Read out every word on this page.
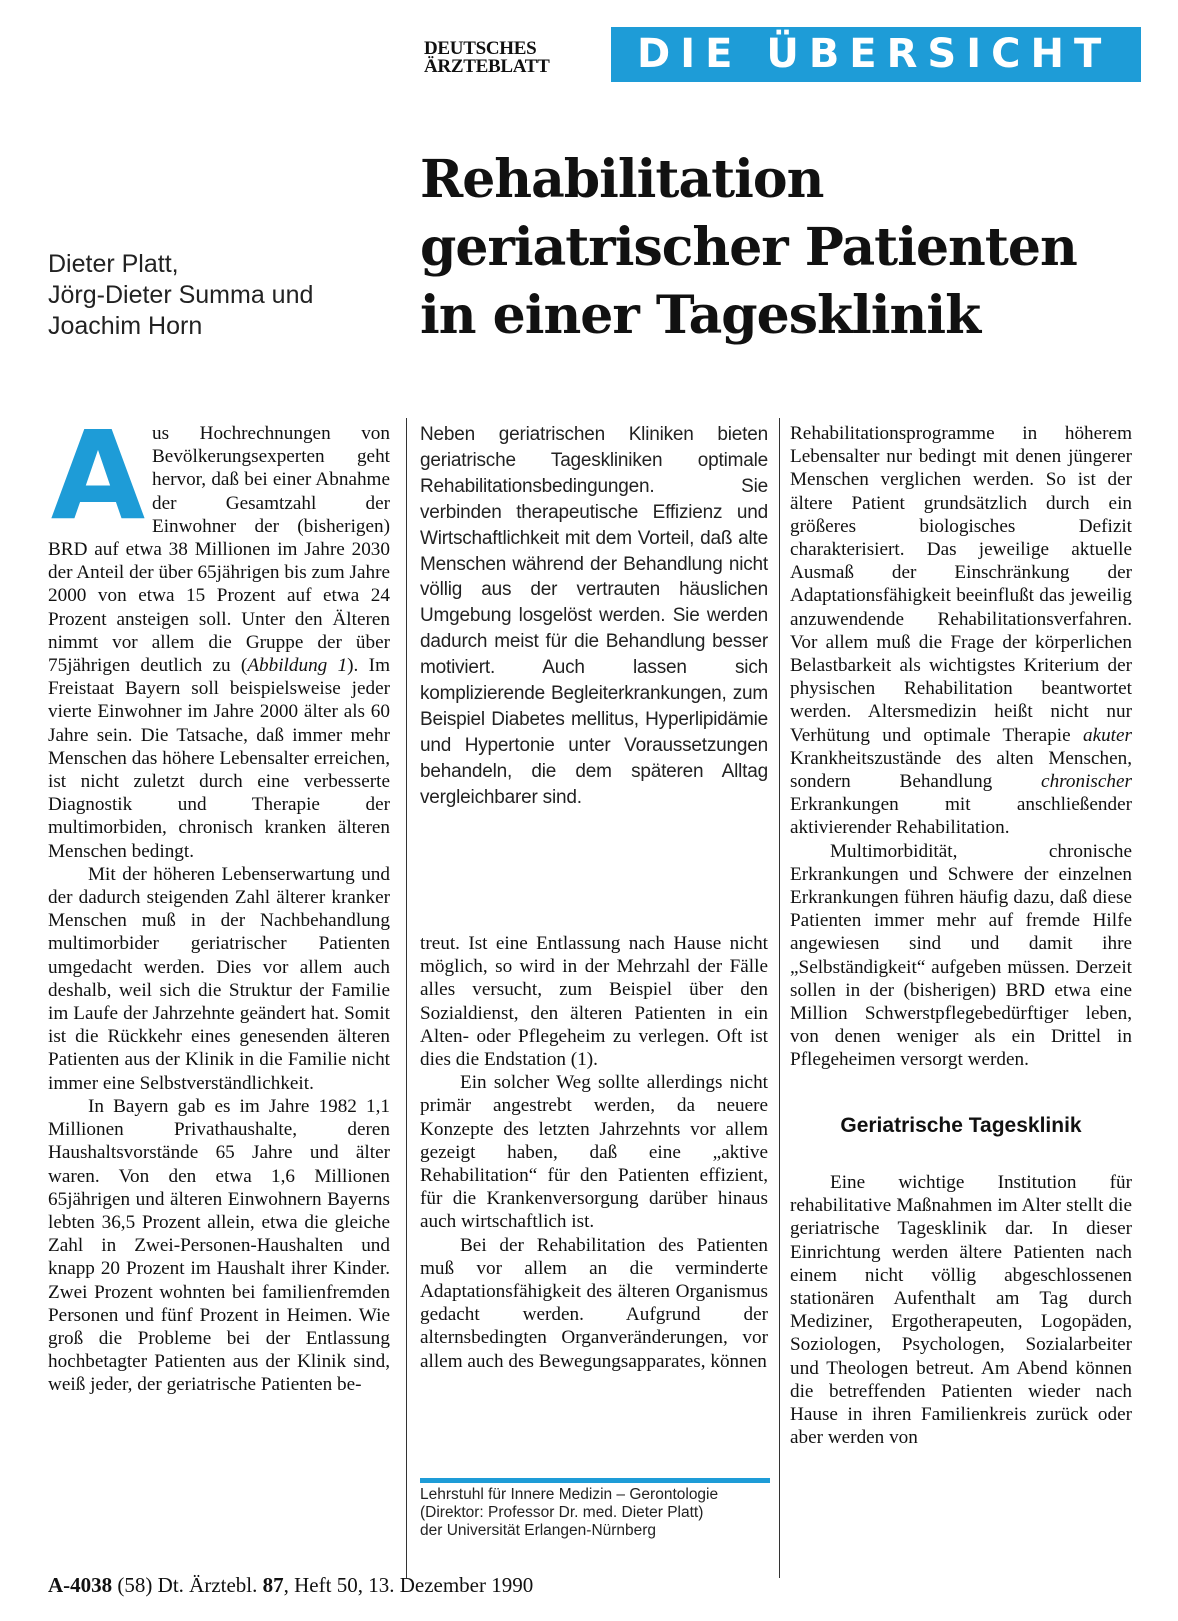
DEUTSCHES
ÄRZTEBLATT	DIE ÜBERSICHT
Rehabilitation
geriatrischer Patienten
in einer Tagesklinik
Dieter Platt,
Jörg-Dieter Summa und
Joachim Horn

Aus Hochrechnungen von Bevölkerungsexperten geht hervor, daß bei einer Abnahme der Gesamtzahl der Einwohner der (bisherigen) BRD auf etwa 38 Millionen im Jahre 2030 der Anteil der über 65jährigen bis zum Jahre 2000 von etwa 15 Prozent auf etwa 24 Prozent ansteigen soll. Unter den Älteren nimmt vor allem die Gruppe der über 75jährigen deutlich zu (Abbildung 1). Im Freistaat Bayern soll beispielsweise jeder vierte Einwohner im Jahre 2000 älter als 60 Jahre sein. Die Tatsache, daß immer mehr Menschen das höhere Lebensalter erreichen, ist nicht zuletzt durch eine verbesserte Diagnostik und Therapie der multimorbiden, chronisch kranken älteren Menschen bedingt.

Mit der höheren Lebenserwartung und der dadurch steigenden Zahl älterer kranker Menschen muß in der Nachbehandlung multimorbider geriatrischer Patienten umgedacht werden. Dies vor allem auch deshalb, weil sich die Struktur der Familie im Laufe der Jahrzehnte geändert hat. Somit ist die Rückkehr eines genesenden älteren Patienten aus der Klinik in die Familie nicht immer eine Selbstverständlichkeit.

In Bayern gab es im Jahre 1982 1,1 Millionen Privathaushalte, deren Haushaltsvorstände 65 Jahre und älter waren. Von den etwa 1,6 Millionen 65jährigen und älteren Einwohnern Bayerns lebten 36,5 Prozent allein, etwa die gleiche Zahl in Zwei-Personen-Haushalten und knapp 20 Prozent im Haushalt ihrer Kinder. Zwei Prozent wohnten bei familienfremden Personen und fünf Prozent in Heimen. Wie groß die Probleme bei der Entlassung hochbetagter Patienten aus der Klinik sind, weiß jeder, der geriatrische Patienten be-

Neben geriatrischen Kliniken bieten geriatrische Tageskliniken optimale Rehabilitationsbedingungen. Sie verbinden therapeutische Effizienz und Wirtschaftlichkeit mit dem Vorteil, daß alte Menschen während der Behandlung nicht völlig aus der vertrauten häuslichen Umgebung losgelöst werden. Sie werden dadurch meist für die Behandlung besser motiviert. Auch lassen sich komplizierende Begleiterkrankungen, zum Beispiel Diabetes mellitus, Hyperlipidämie und Hypertonie unter Voraussetzungen behandeln, die dem späteren Alltag vergleichbarer sind.

treut. Ist eine Entlassung nach Hause nicht möglich, so wird in der Mehrzahl der Fälle alles versucht, zum Beispiel über den Sozialdienst, den älteren Patienten in ein Alten- oder Pflegeheim zu verlegen. Oft ist dies die Endstation (1).

Ein solcher Weg sollte allerdings nicht primär angestrebt werden, da neuere Konzepte des letzten Jahrzehnts vor allem gezeigt haben, daß eine „aktive Rehabilitation“ für den Patienten effizient, für die Krankenversorgung darüber hinaus auch wirtschaftlich ist.

Bei der Rehabilitation des Patienten muß vor allem an die verminderte Adaptationsfähigkeit des älteren Organismus gedacht werden. Aufgrund der alternsbedingten Organveränderungen, vor allem auch des Bewegungsapparates, können

Rehabilitationsprogramme in höherem Lebensalter nur bedingt mit denen jüngerer Menschen verglichen werden. So ist der ältere Patient grundsätzlich durch ein größeres biologisches Defizit charakterisiert. Das jeweilige aktuelle Ausmaß der Einschränkung der Adaptationsfähigkeit beeinflußt das jeweilig anzuwendende Rehabilitationsverfahren. Vor allem muß die Frage der körperlichen Belastbarkeit als wichtigstes Kriterium der physischen Rehabilitation beantwortet werden. Altersmedizin heißt nicht nur Verhütung und optimale Therapie akuter Krankheitszustände des alten Menschen, sondern Behandlung chronischer Erkrankungen mit anschließender aktivierender Rehabilitation.

Multimorbidität, chronische Erkrankungen und Schwere der einzelnen Erkrankungen führen häufig dazu, daß diese Patienten immer mehr auf fremde Hilfe angewiesen sind und damit ihre „Selbständigkeit“ aufgeben müssen. Derzeit sollen in der (bisherigen) BRD etwa eine Million Schwerstpflegebedürftiger leben, von denen weniger als ein Drittel in Pflegeheimen versorgt werden.

Geriatrische Tagesklinik

Eine wichtige Institution für rehabilitative Maßnahmen im Alter stellt die geriatrische Tagesklinik dar. In dieser Einrichtung werden ältere Patienten nach einem nicht völlig abgeschlossenen stationären Aufenthalt am Tag durch Mediziner, Ergotherapeuten, Logopäden, Soziologen, Psychologen, Sozialarbeiter und Theologen betreut. Am Abend können die betreffenden Patienten wieder nach Hause in ihren Familienkreis zurück oder aber werden von

Lehrstuhl für Innere Medizin – Gerontologie
(Direktor: Professor Dr. med. Dieter Platt)
der Universität Erlangen-Nürnberg
A-4038 (58) Dt. Ärztebl. 87, Heft 50, 13. Dezember 1990
